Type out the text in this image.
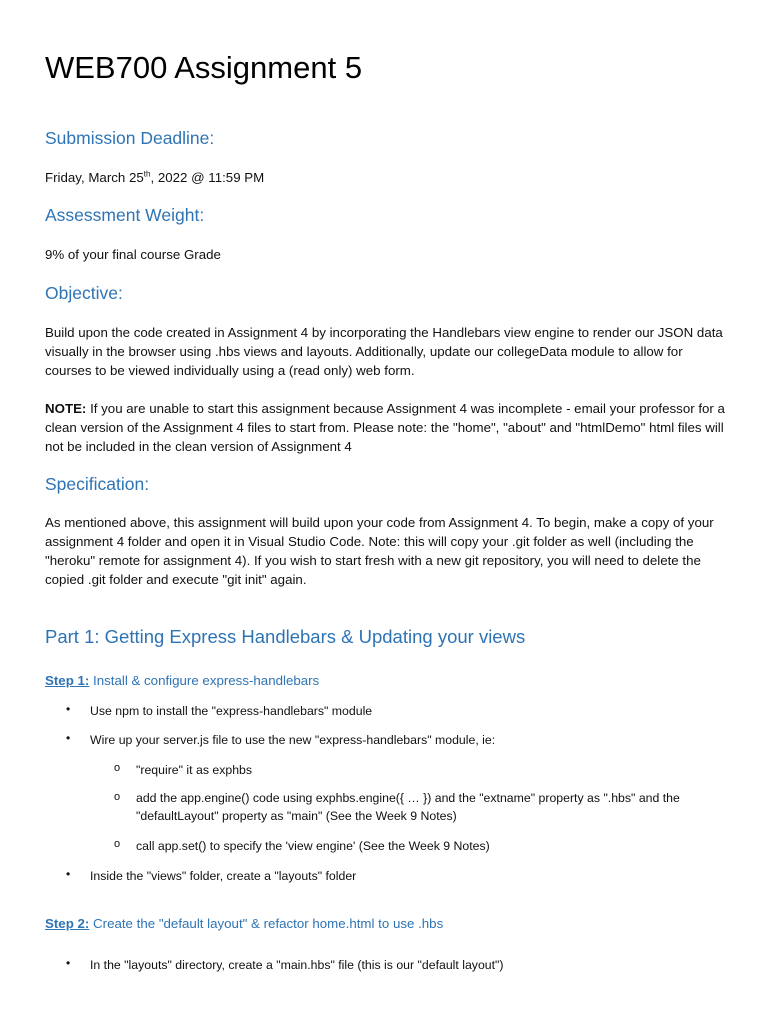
WEB700 Assignment 5
Submission Deadline:

Friday, March 25th, 2022 @ 11:59 PM

Assessment Weight:

9% of your final course Grade

Objective:

Build upon the code created in Assignment 4 by incorporating the Handlebars view engine to render our JSON data visually in the browser using .hbs views and layouts. Additionally, update our collegeData module to allow for courses to be viewed individually using a (read only) web form.

NOTE: If you are unable to start this assignment because Assignment 4 was incomplete - email your professor for a clean version of the Assignment 4 files to start from. Please note: the "home", "about" and "htmlDemo" html files will not be included in the clean version of Assignment 4

Specification:

As mentioned above, this assignment will build upon your code from Assignment 4. To begin, make a copy of your assignment 4 folder and open it in Visual Studio Code. Note: this will copy your .git folder as well (including the "heroku" remote for assignment 4). If you wish to start fresh with a new git repository, you will need to delete the copied .git folder and execute "git init" again.

Part 1: Getting Express Handlebars & Updating your views
Step 1: Install & configure express-handlebars
• Use npm to install the "express-handlebars" module
• Wire up your server.js file to use the new "express-handlebars" module, ie:
o "require" it as exphbs
o add the app.engine() code using exphbs.engine({ … }) and the "extname" property as ".hbs" and the "defaultLayout" property as "main" (See the Week 9 Notes)
o call app.set() to specify the 'view engine' (See the Week 9 Notes)
• Inside the "views" folder, create a "layouts" folder
Step 2: Create the "default layout" & refactor home.html to use .hbs
• In the "layouts" directory, create a "main.hbs" file (this is our "default layout")
